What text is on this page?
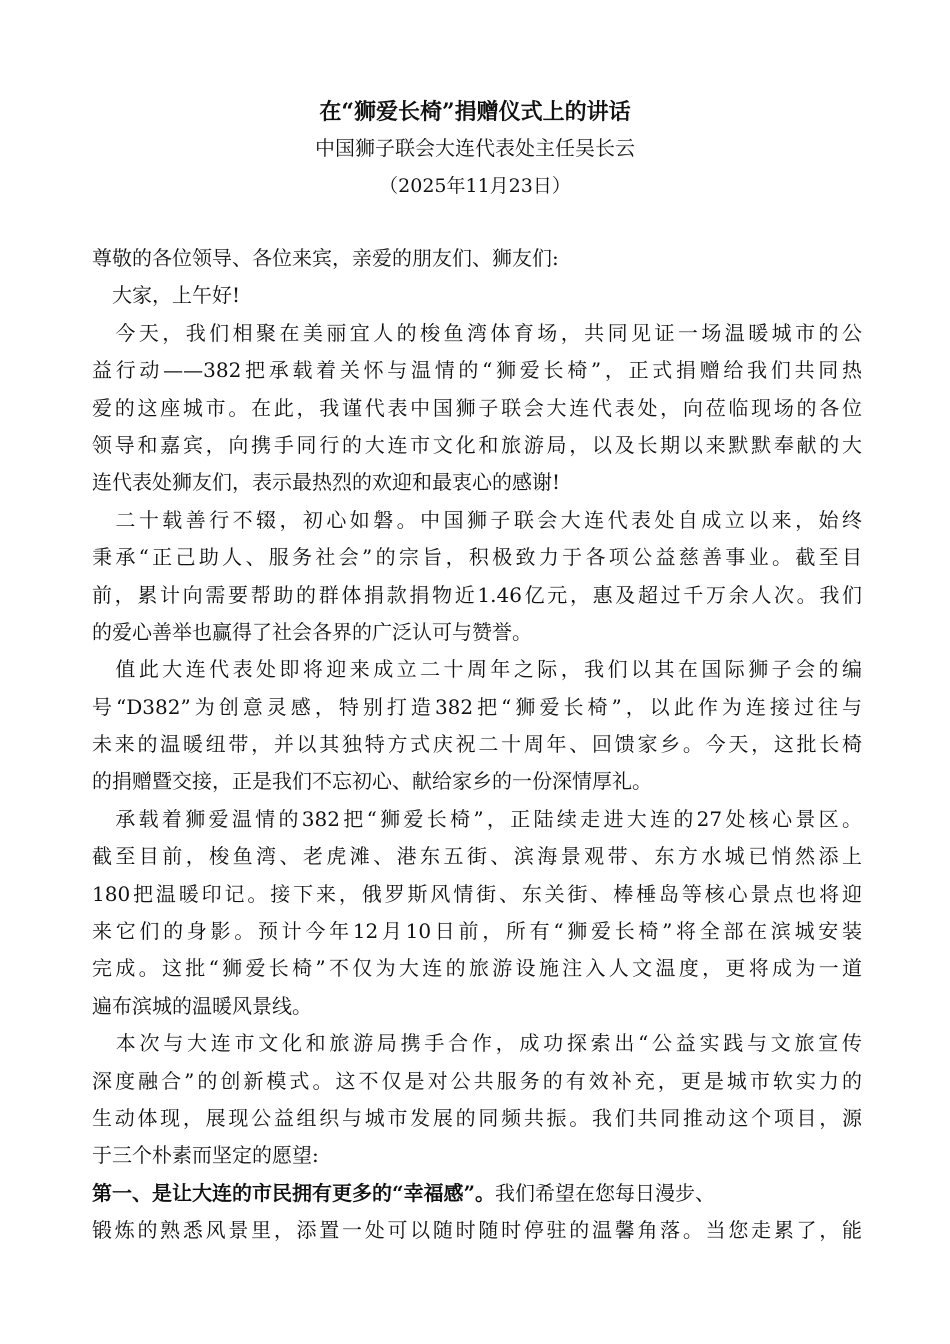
在“狮爱长椅”捐赠仪式上的讲话
中国狮子联会大连代表处主任吴长云
（2025年11月23日）
尊敬的各位领导、各位来宾，亲爱的朋友们、狮友们:
　大家，上午好!
　今天，我们相聚在美丽宜人的梭鱼湾体育场，共同见证一场温暖城市的公
益行动——382把承载着关怀与温情的“狮爱长椅”，正式捐赠给我们共同热
爱的这座城市。在此，我谨代表中国狮子联会大连代表处，向莅临现场的各位
领导和嘉宾，向携手同行的大连市文化和旅游局，以及长期以来默默奉献的大
连代表处狮友们，表示最热烈的欢迎和最衷心的感谢!
　二十载善行不辍，初心如磐。中国狮子联会大连代表处自成立以来，始终
秉承“正己助人、服务社会”的宗旨，积极致力于各项公益慈善事业。截至目
前，累计向需要帮助的群体捐款捐物近1.46亿元，惠及超过千万余人次。我们
的爱心善举也赢得了社会各界的广泛认可与赞誉。
　值此大连代表处即将迎来成立二十周年之际，我们以其在国际狮子会的编
号“D382”为创意灵感，特别打造382把“狮爱长椅”，以此作为连接过往与
未来的温暖纽带，并以其独特方式庆祝二十周年、回馈家乡。今天，这批长椅
的捐赠暨交接，正是我们不忘初心、献给家乡的一份深情厚礼。
　承载着狮爱温情的382把“狮爱长椅”，正陆续走进大连的27处核心景区。
截至目前，梭鱼湾、老虎滩、港东五街、滨海景观带、东方水城已悄然添上
180把温暖印记。接下来，俄罗斯风情街、东关街、棒棰岛等核心景点也将迎
来它们的身影。预计今年12月10日前，所有“狮爱长椅”将全部在滨城安装
完成。这批“狮爱长椅”不仅为大连的旅游设施注入人文温度，更将成为一道
遍布滨城的温暖风景线。
　本次与大连市文化和旅游局携手合作，成功探索出“公益实践与文旅宣传
深度融合”的创新模式。这不仅是对公共服务的有效补充，更是城市软实力的
生动体现，展现公益组织与城市发展的同频共振。我们共同推动这个项目，源
于三个朴素而坚定的愿望:
第一、是让大连的市民拥有更多的“幸福感”。我们希望在您每日漫步、
锻炼的熟悉风景里，添置一处可以随时随时停驻的温馨角落。当您走累了，能
